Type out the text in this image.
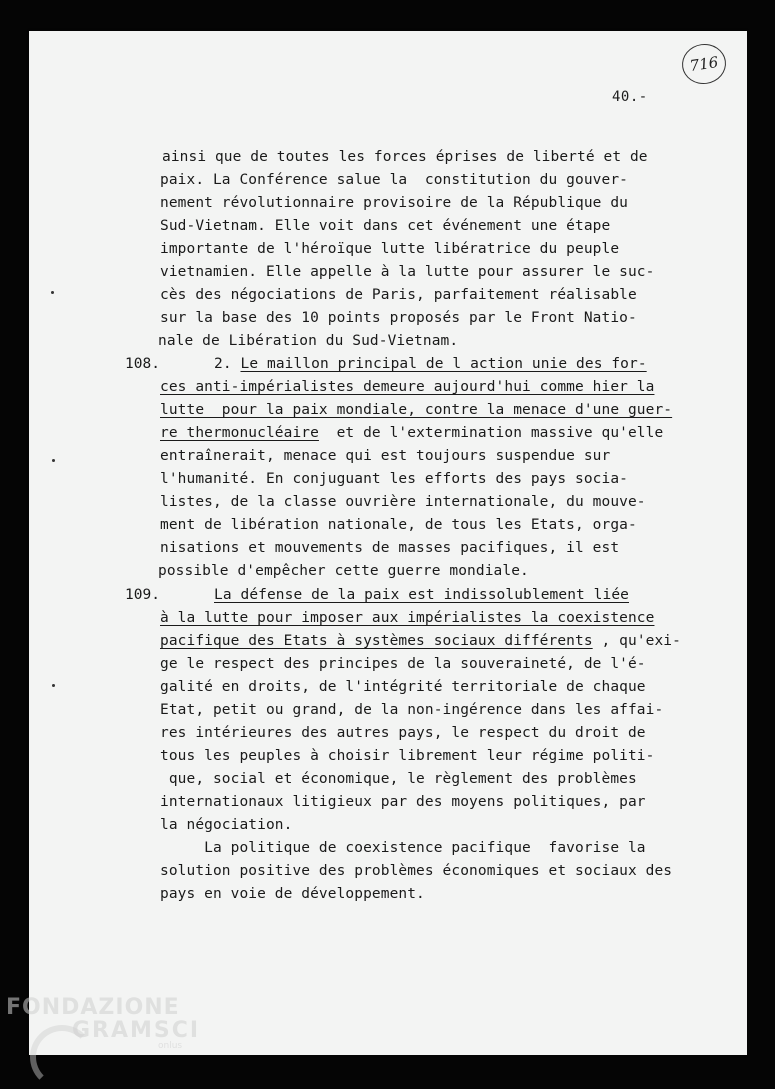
716
40.-
ainsi que de toutes les forces éprises de liberté et de
paix. La Conférence salue la  constitution du gouver-
nement révolutionnaire provisoire de la République du
Sud-Vietnam. Elle voit dans cet événement une étape
importante de l'héroïque lutte libératrice du peuple
vietnamien. Elle appelle à la lutte pour assurer le suc-
cès des négociations de Paris, parfaitement réalisable
sur la base des 10 points proposés par le Front Natio-
nale de Libération du Sud-Vietnam.
108.	2. Le maillon principal de l action unie des for-
ces anti-impérialistes demeure aujourd'hui comme hier la
lutte  pour la paix mondiale, contre la menace d'une guer-
re thermonucléaire  et de l'extermination massive qu'elle
entraînerait, menace qui est toujours suspendue sur
l'humanité. En conjuguant les efforts des pays socia-
listes, de la classe ouvrière internationale, du mouve-
ment de libération nationale, de tous les Etats, orga-
nisations et mouvements de masses pacifiques, il est
possible d'empêcher cette guerre mondiale.
109.	La défense de la paix est indissolublement liée
à la lutte pour imposer aux impérialistes la coexistence
pacifique des Etats à systèmes sociaux différents , qu'exi-
ge le respect des principes de la souveraineté, de l'é-
galité en droits, de l'intégrité territoriale de chaque
Etat, petit ou grand, de la non-ingérence dans les affai-
res intérieures des autres pays, le respect du droit de
tous les peuples à choisir librement leur régime politi-
que, social et économique, le règlement des problèmes
internationaux litigieux par des moyens politiques, par
la négociation.
La politique de coexistence pacifique  favorise la
solution positive des problèmes économiques et sociaux des
pays en voie de développement.
FONDAZIONE
GRAMSCI
onlus
